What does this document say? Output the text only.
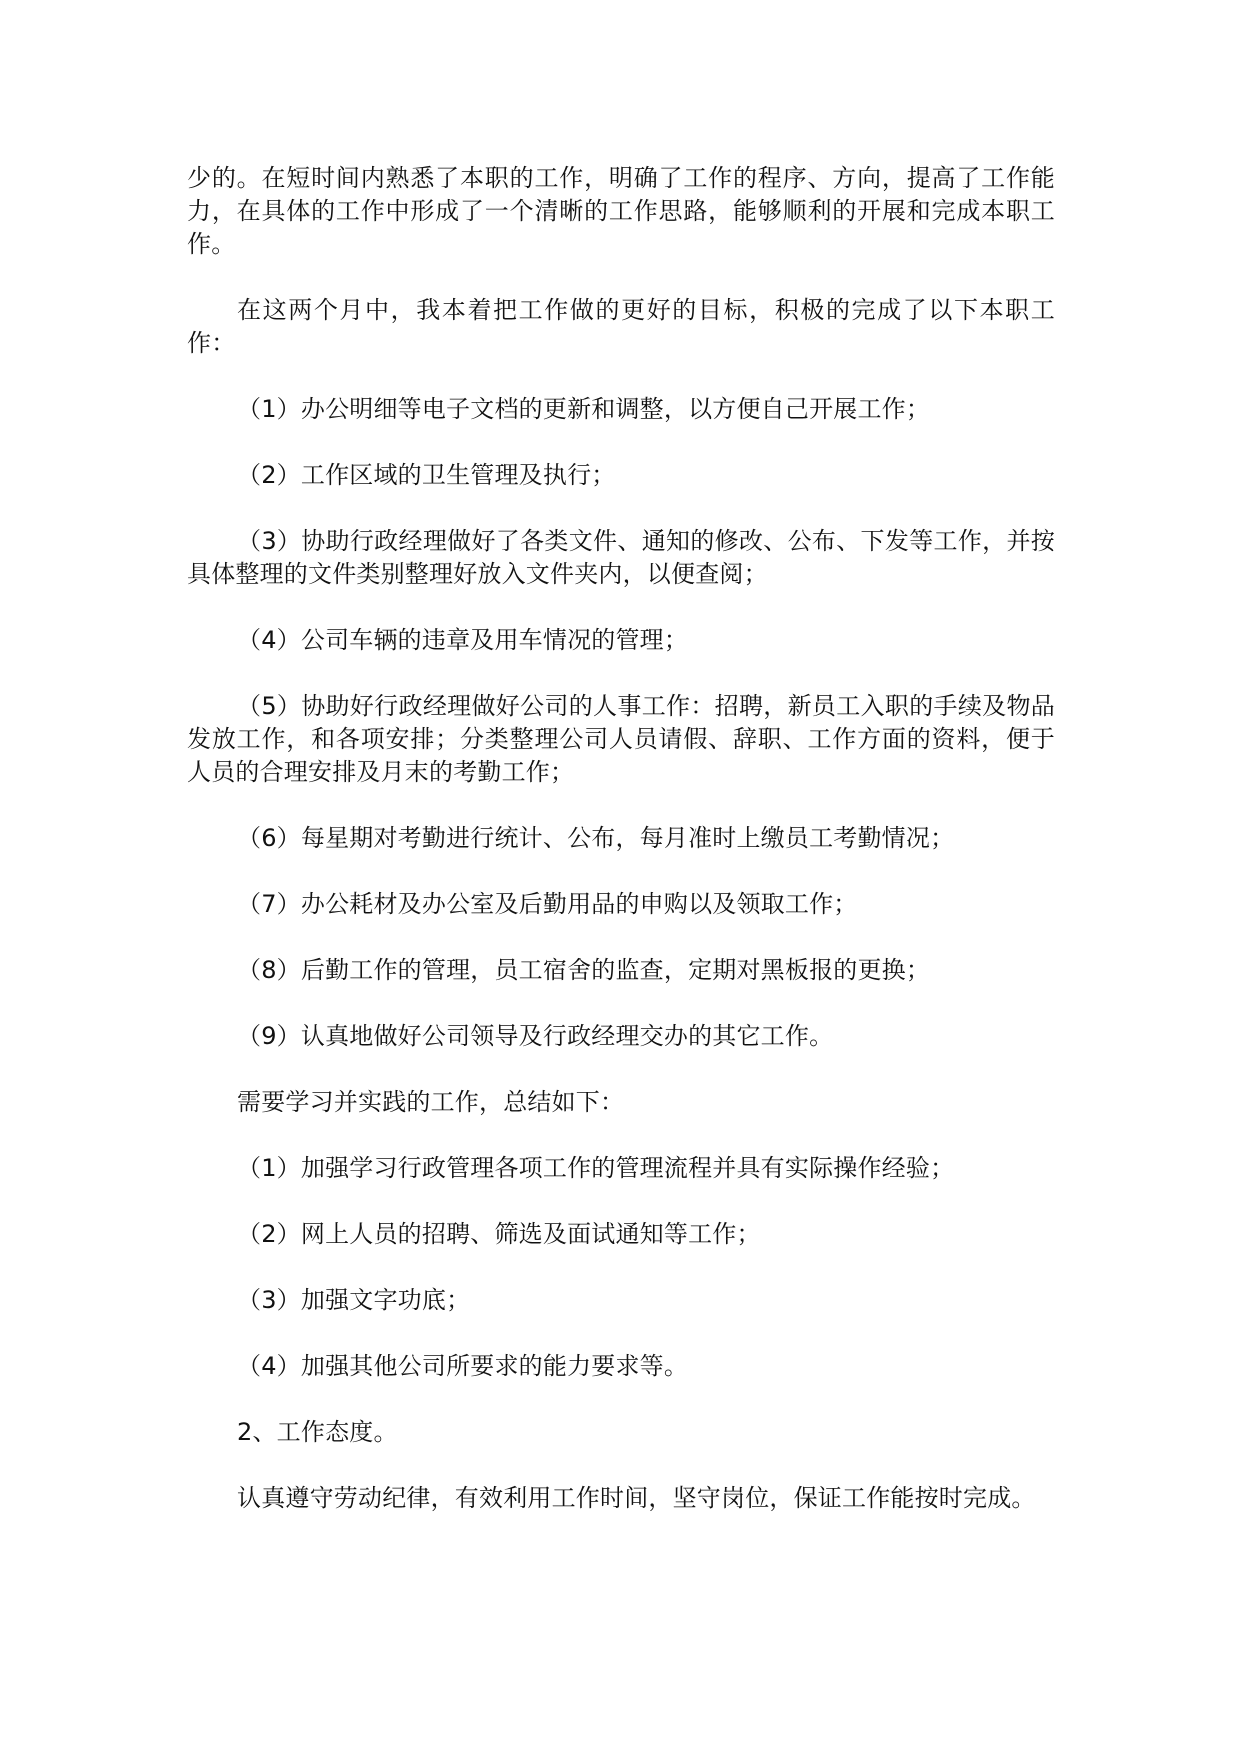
少的。在短时间内熟悉了本职的工作，明确了工作的程序、方向，提高了工作能力，在具体的工作中形成了一个清晰的工作思路，能够顺利的开展和完成本职工作。

在这两个月中，我本着把工作做的更好的目标，积极的完成了以下本职工作：

（1）办公明细等电子文档的更新和调整，以方便自己开展工作；

（2）工作区域的卫生管理及执行；

（3）协助行政经理做好了各类文件、通知的修改、公布、下发等工作，并按具体整理的文件类别整理好放入文件夹内，以便查阅；

（4）公司车辆的违章及用车情况的管理；

（5）协助好行政经理做好公司的人事工作：招聘，新员工入职的手续及物品发放工作，和各项安排；分类整理公司人员请假、辞职、工作方面的资料，便于人员的合理安排及月末的考勤工作；

（6）每星期对考勤进行统计、公布，每月准时上缴员工考勤情况；

（7）办公耗材及办公室及后勤用品的申购以及领取工作；

（8）后勤工作的管理，员工宿舍的监查，定期对黑板报的更换；

（9）认真地做好公司领导及行政经理交办的其它工作。

需要学习并实践的工作，总结如下：

（1）加强学习行政管理各项工作的管理流程并具有实际操作经验；

（2）网上人员的招聘、筛选及面试通知等工作；

（3）加强文字功底；

（4）加强其他公司所要求的能力要求等。

2、工作态度。

认真遵守劳动纪律，有效利用工作时间，坚守岗位，保证工作能按时完成。
